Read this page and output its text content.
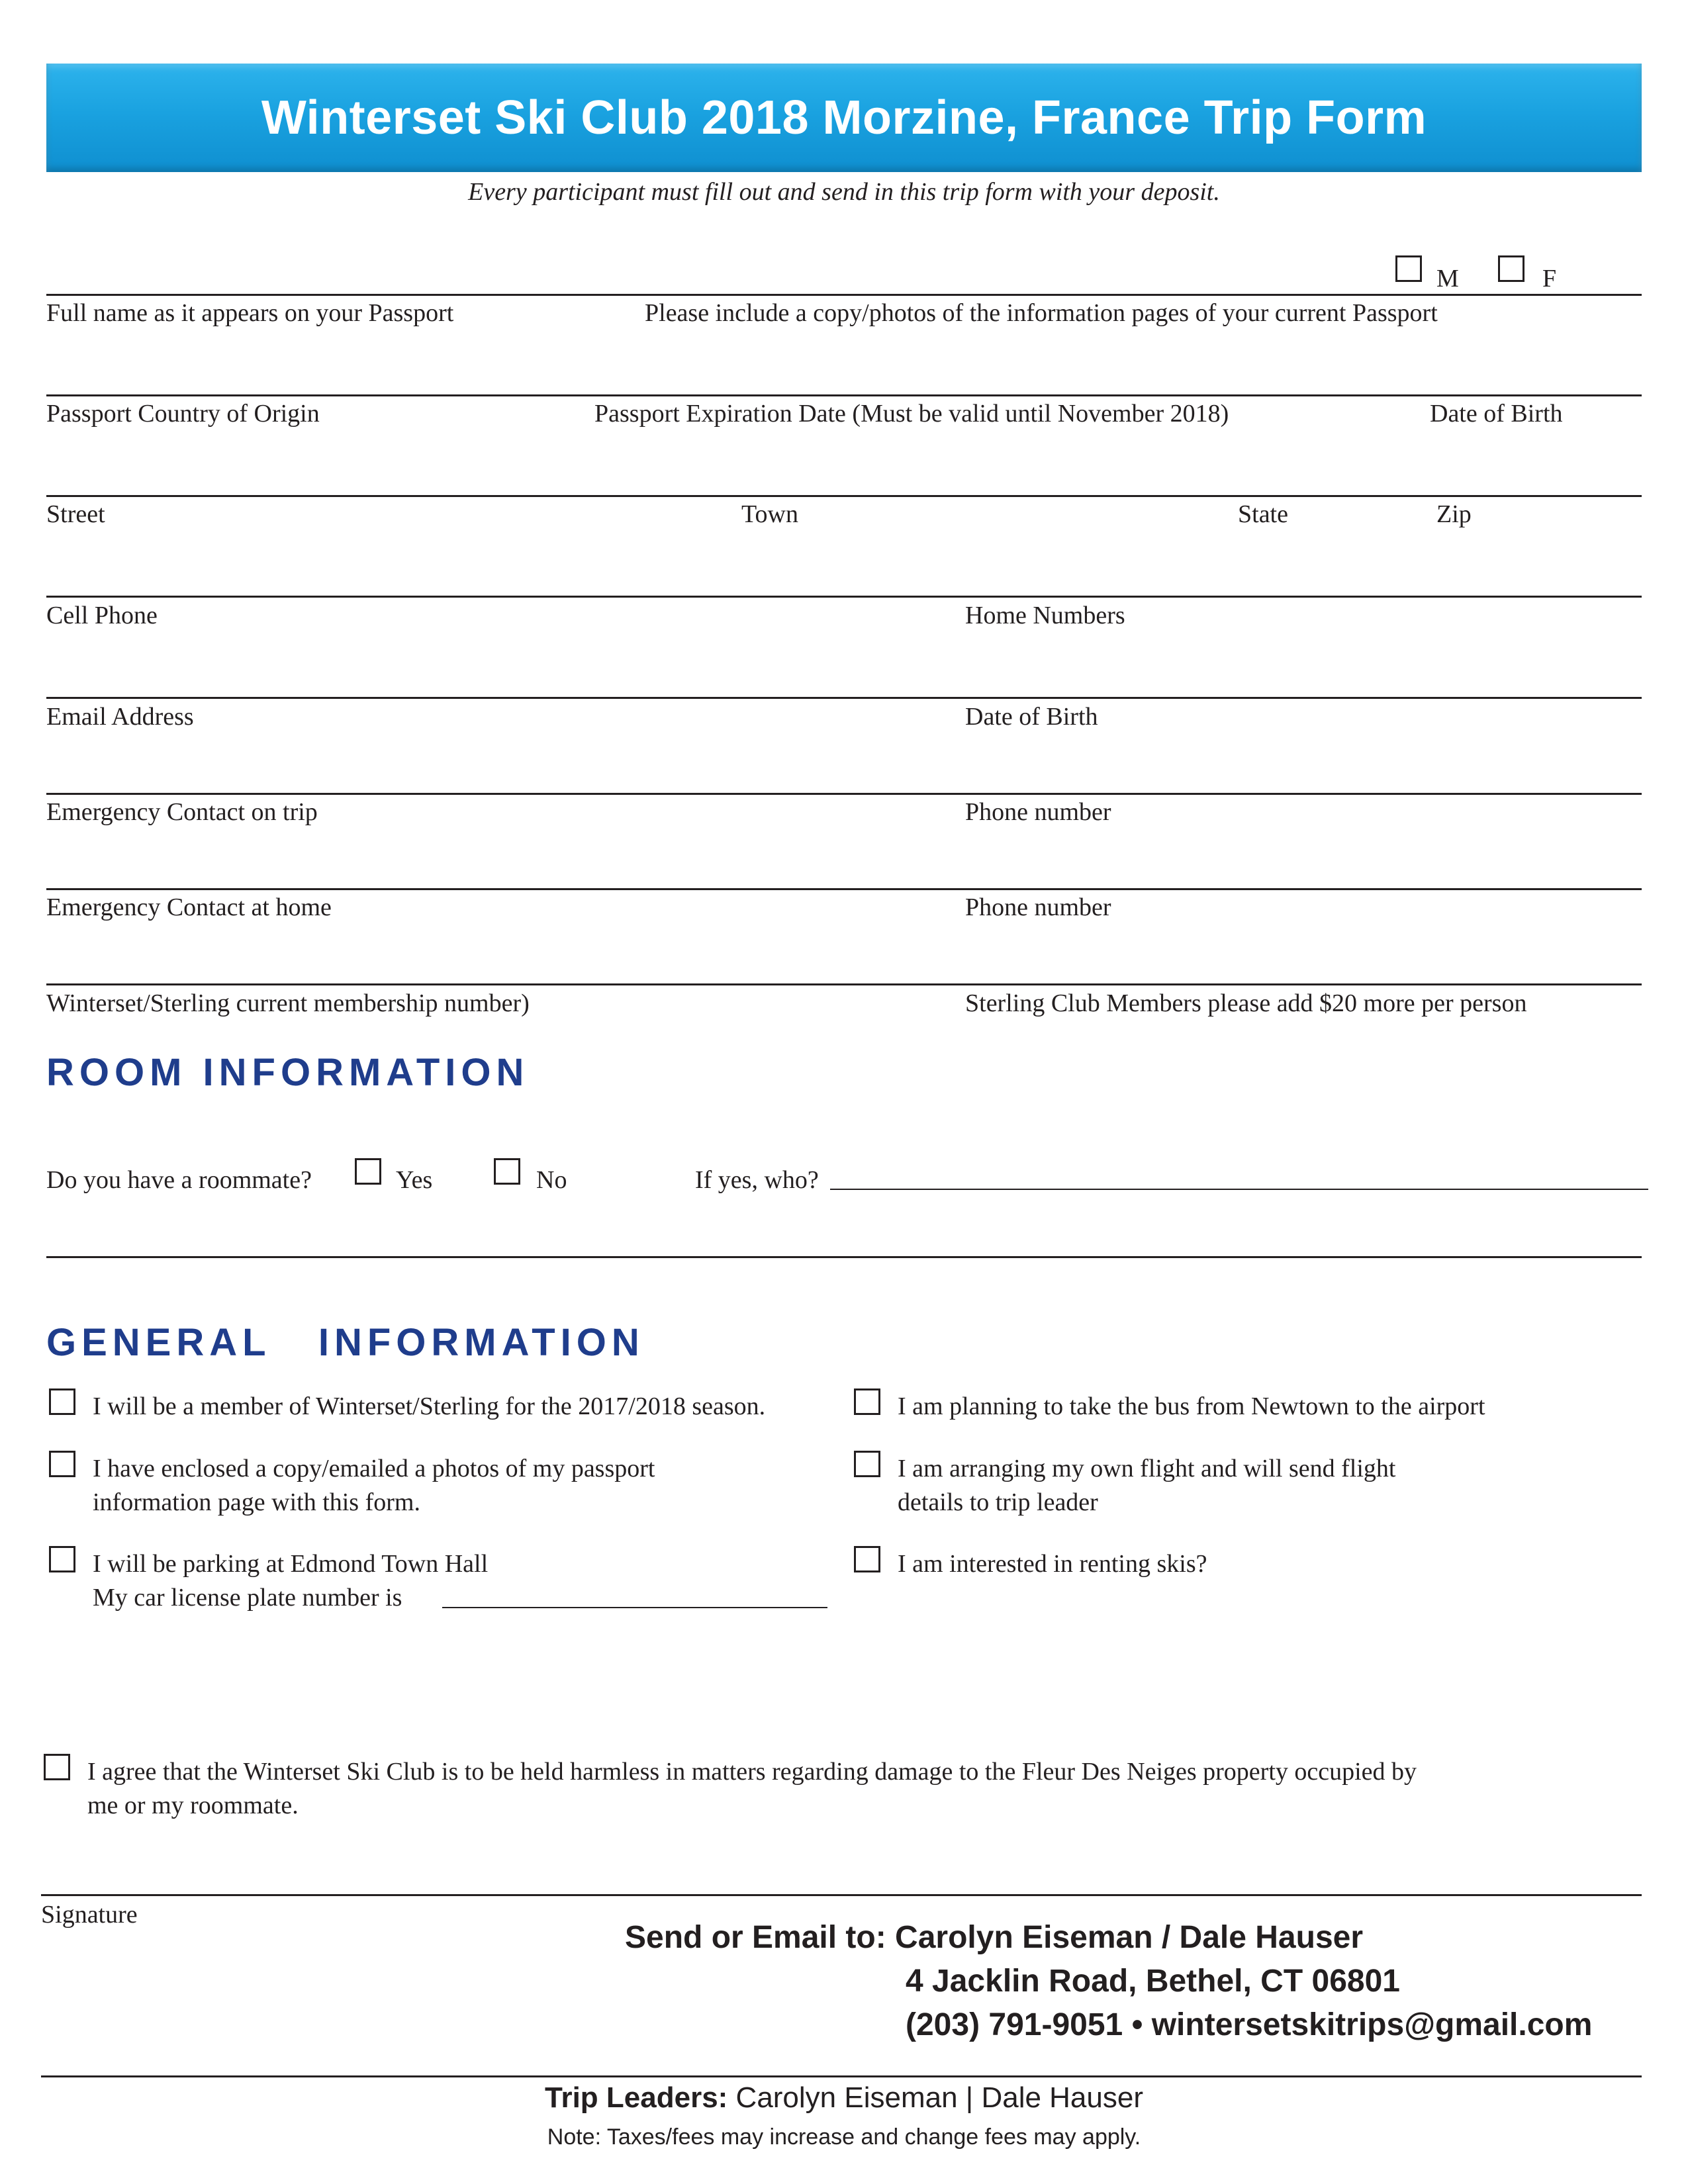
Winterset Ski Club 2018 Morzine, France Trip Form
Every participant must fill out and send in this trip form with your deposit.
M	F
Full name as it appears on your Passport	Please include a copy/photos of the information pages of your current Passport
Passport Country of Origin	Passport Expiration Date (Must be valid until November 2018)	Date of Birth
Street	Town	State	Zip
Cell Phone	Home Numbers
Email Address	Date of Birth
Emergency Contact on trip	Phone number
Emergency Contact at home	Phone number
Winterset/Sterling current membership number)	Sterling Club Members please add $20 more per person
ROOM INFORMATION
Do you have a roommate?	Yes	No	If yes, who?
GENERAL   INFORMATION
I will be a member of Winterset/Sterling for the 2017/2018 season.
I have enclosed a copy/emailed a photos of my passport information page with this form.
I will be parking at Edmond Town Hall
My car license plate number is
I am planning to take the bus from Newtown to the airport
I am arranging my own flight and will send flight details to trip leader
I am interested in renting skis?
I agree that the Winterset Ski Club is to be held harmless in matters regarding damage to the Fleur Des Neiges property occupied by me or my roommate.
Signature
Send or Email to: Carolyn Eiseman / Dale Hauser
4 Jacklin Road, Bethel, CT 06801
(203) 791-9051 • wintersetskitrips@gmail.com
Trip Leaders: Carolyn Eiseman | Dale Hauser
Note: Taxes/fees may increase and change fees may apply.
